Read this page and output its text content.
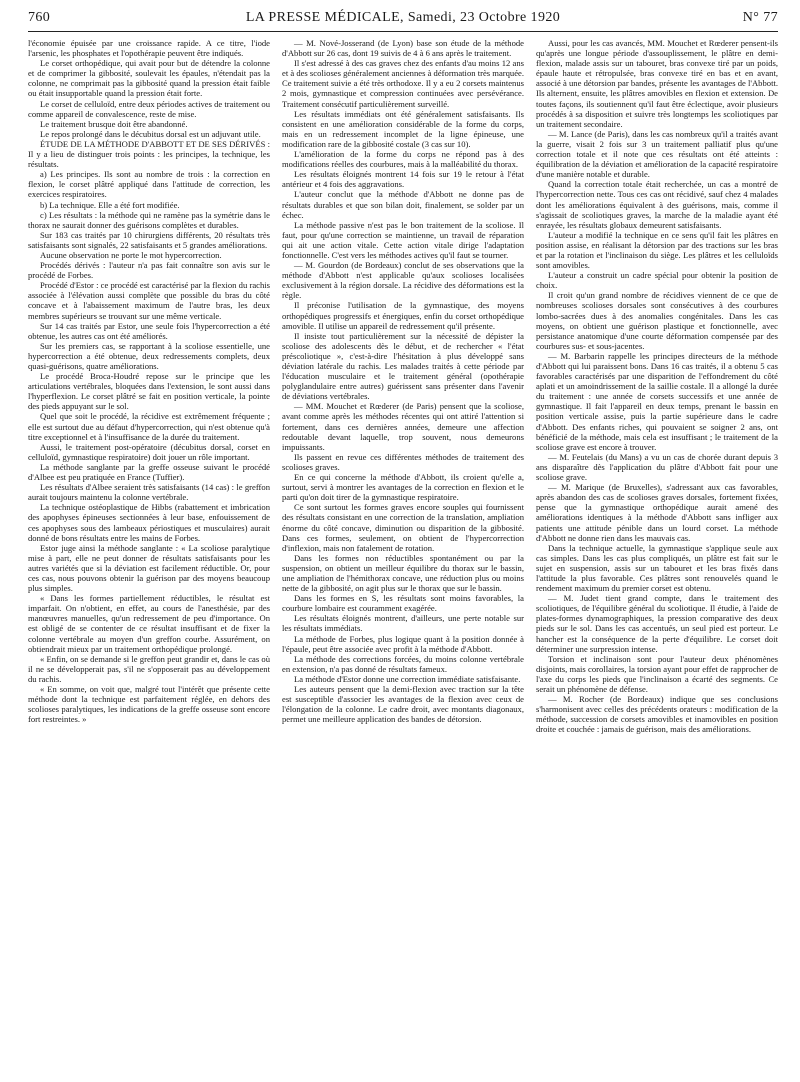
760	LA PRESSE MÉDICALE, Samedi, 23 Octobre 1920	N° 77

l'économie épuisée par une croissance rapide. A ce titre, l'iode l'arsenic, les phosphates et l'opothérapie peuvent être indiqués.

Le corset orthopédique, qui avait pour but de détendre la colonne et de comprimer la gibbosité, soulevait les épaules, n'étendait pas la colonne, ne comprimait pas la gibbosité quand la pression était faible ou était insupportable quand la pression était forte.

Le corset de celluloïd, entre deux périodes actives de traitement ou comme appareil de convalescence, reste de mise.

Le traitement brusque doit être abandonné.

Le repos prolongé dans le décubitus dorsal est un adjuvant utile.

ÉTUDE DE LA MÉTHODE D'ABBOTT ET DE SES DÉRIVÉS : Il y a lieu de distinguer trois points : les principes, la technique, les résultats.

a) Les principes. Ils sont au nombre de trois : la correction en flexion, le corset plâtré appliqué dans l'attitude de correction, les exercices respiratoires.

b) La technique. Elle a été fort modifiée.

c) Les résultats : la méthode qui ne ramène pas la symétrie dans le thorax ne saurait donner des guérisons complètes et durables.

Sur 183 cas traités par 10 chirurgiens différents, 20 résultats très satisfaisants sont signalés, 22 satisfaisants et 5 grandes améliorations.

Aucune observation ne porte le mot hypercorrection.

Procédés dérivés : l'auteur n'a pas fait connaître son avis sur le procédé de Forbes.

Procédé d'Estor : ce procédé est caractérisé par la flexion du rachis associée à l'élévation aussi complète que possible du bras du côté concave et à l'abaissement maximum de l'autre bras, les deux membres supérieurs se trouvant sur une même verticale.

Sur 14 cas traités par Estor, une seule fois l'hypercorrection a été obtenue, les autres cas ont été améliorés.

Sur les premiers cas, se rapportant à la scoliose essentielle, une hypercorrection a été obtenue, deux redressements complets, deux quasi-guérisons, quatre améliorations.

Le procédé Broca-Houdré repose sur le principe que les articulations vertébrales, bloquées dans l'extension, le sont aussi dans l'hyperflexion. Le corset plâtré se fait en position verticale, la pointe des pieds appuyant sur le sol.

Quel que soit le procédé, la récidive est extrêmement fréquente ; elle est surtout due au défaut d'hypercorrection, qui n'est obtenue qu'à titre exceptionnel et à l'insuffisance de la durée du traitement.

Aussi, le traitement post-opératoire (décubitus dorsal, corset en celluloïd, gymnastique respiratoire) doit jouer un rôle important.

La méthode sanglante par la greffe osseuse suivant le procédé d'Albee est peu pratiquée en France (Tuffier).

Les résultats d'Albee seraient très satisfaisants (14 cas) : le greffon aurait toujours maintenu la colonne vertébrale.

La technique ostéoplastique de Hibbs (rabattement et imbrication des apophyses épineuses sectionnées à leur base, enfouissement de ces apophyses sous des lambeaux périostiques et musculaires) aurait donné de bons résultats entre les mains de Forbes.

Estor juge ainsi la méthode sanglante : « La scoliose paralytique mise à part, elle ne peut donner de résultats satisfaisants pour les autres variétés que si la déviation est facilement réductible. Or, pour ces cas, nous pouvons obtenir la guérison par des moyens beaucoup plus simples.

« Dans les formes partiellement réductibles, le résultat est imparfait. On n'obtient, en effet, au cours de l'anesthésie, par des manœuvres manuelles, qu'un redressement de peu d'importance. On est obligé de se contenter de ce résultat insuffisant et de fixer la colonne vertébrale au moyen d'un greffon courbe. Assurément, on obtiendrait mieux par un traitement orthopédique prolongé.

« Enfin, on se demande si le greffon peut grandir et, dans le cas où il ne se développerait pas, s'il ne s'opposerait pas au développement du rachis.

« En somme, on voit que, malgré tout l'intérêt que présente cette méthode dont la technique est parfaitement réglée, en dehors des scolioses paralytiques, les indications de la greffe osseuse sont encore fort restreintes. »

— M. Nové-Josserand (de Lyon) base son étude de la méthode d'Abbott sur 26 cas, dont 19 suivis de 4 à 6 ans après le traitement.

Il s'est adressé à des cas graves chez des enfants d'au moins 12 ans et à des scolioses généralement anciennes à déformation très marquée. Ce traitement suivie a été très orthodoxe. Il y a eu 2 corsets maintenus 2 mois, gymnastique et compression continuées avec persévérance. Traitement consécutif particulièrement surveillé.

Les résultats immédiats ont été généralement satisfaisants. Ils consistent en une amélioration considérable de la forme du corps, mais en un redressement incomplet de la ligne épineuse, une modification rare de la gibbosité costale (3 cas sur 10).

L'amélioration de la forme du corps ne répond pas à des modifications réelles des courbures, mais à la malléabilité du thorax.

Les résultats éloignés montrent 14 fois sur 19 le retour à l'état antérieur et 4 fois des aggravations.

L'auteur conclut que la méthode d'Abbott ne donne pas de résultats durables et que son bilan doit, finalement, se solder par un échec.

La méthode passive n'est pas le bon traitement de la scoliose. Il faut, pour qu'une correction se maintienne, un travail de réparation qui ait une action vitale. Cette action vitale dirige l'adaptation fonctionnelle. C'est vers les méthodes actives qu'il faut se tourner.

— M. Gourdon (de Bordeaux) conclut de ses observations que la méthode d'Abbott n'est applicable qu'aux scolioses localisées exclusivement à la région dorsale. La récidive des déformations est la règle.

Il préconise l'utilisation de la gymnastique, des moyens orthopédiques progressifs et énergiques, enfin du corset orthopédique amovible. Il utilise un appareil de redressement qu'il présente.

Il insiste tout particulièrement sur la nécessité de dépister la scoliose des adolescents dès le début, et de rechercher « l'état préscoliotique », c'est-à-dire l'hésitation à plus développé sans déviation latérale du rachis. Les malades traités à cette période par l'éducation musculaire et le traitement général (opothérapie polyglandulaire entre autres) guérissent sans présenter dans l'avenir de déviations vertébrales.

— MM. Mouchet et Rœderer (de Paris) pensent que la scoliose, avant comme après les méthodes récentes qui ont attiré l'attention si fortement, dans ces dernières années, demeure une affection redoutable devant laquelle, trop souvent, nous demeurons impuissants.

Ils passent en revue ces différentes méthodes de traitement des scolioses graves.

En ce qui concerne la méthode d'Abbott, ils croient qu'elle a, surtout, servi à montrer les avantages de la correction en flexion et le parti qu'on doit tirer de la gymnastique respiratoire.

Ce sont surtout les formes graves encore souples qui fournissent des résultats consistant en une correction de la translation, ampliation énorme du côté concave, diminution ou disparition de la gibbosité. Dans ces formes, seulement, on obtient de l'hypercorrection d'inflexion, mais non fatalement de rotation.

Dans les formes non réductibles spontanément ou par la suspension, on obtient un meilleur équilibre du thorax sur le bassin, une ampliation de l'hémithorax concave, une réduction plus ou moins nette de la gibbosité, on agit plus sur le thorax que sur le bassin.

Dans les formes en S, les résultats sont moins favorables, la courbure lombaire est couramment exagérée.

Les résultats éloignés montrent, d'ailleurs, une perte notable sur les résultats immédiats.

La méthode de Forbes, plus logique quant à la position donnée à l'épaule, peut être associée avec profit à la méthode d'Abbott.

La méthode des corrections forcées, du moins colonne vertébrale en extension, n'a pas donné de résultats fameux.

La méthode d'Estor donne une correction immédiate satisfaisante.

Les auteurs pensent que la demi-flexion avec traction sur la tête est susceptible d'associer les avantages de la flexion avec ceux de l'élongation de la colonne. Le cadre droit, avec montants diagonaux, permet une meilleure application des bandes de détorsion.

Aussi, pour les cas avancés, MM. Mouchet et Rœderer pensent-ils qu'après une longue période d'assouplissement, le plâtre en demi-flexion, malade assis sur un tabouret, bras convexe tiré par un poids, épaule haute et rétropulsée, bras convexe tiré en bas et en avant, associé à une détorsion par bandes, présente les avantages de l'Abbott. Ils alternent, ensuite, les plâtres amovibles en flexion et extension. De toutes façons, ils soutiennent qu'il faut être éclectique, avoir plusieurs procédés à sa disposition et suivre très longtemps les scoliotiques par un traitement secondaire.

— M. Lance (de Paris), dans les cas nombreux qu'il a traités avant la guerre, visait 2 fois sur 3 un traitement palliatif plus qu'une correction totale et il note que ces résultats ont été atteints : équilibration de la déviation et amélioration de la capacité respiratoire d'une manière notable et durable.

Quand la correction totale était recherchée, un cas a montré de l'hypercorrection nette. Tous ces cas ont récidivé, sauf chez 4 malades dont les améliorations équivalent à des guérisons, mais, comme il s'agissait de scoliotiques graves, la marche de la maladie ayant été enrayée, les résultats globaux demeurent satisfaisants.

L'auteur a modifié la technique en ce sens qu'il fait les plâtres en position assise, en réalisant la détorsion par des tractions sur les bras et par la rotation et l'inclinaison du siège. Les plâtres et les celluloïds sont amovibles.

L'auteur a construit un cadre spécial pour obtenir la position de choix.

Il croit qu'un grand nombre de récidives viennent de ce que de nombreuses scolioses dorsales sont consécutives à des courbures lombo-sacrées dues à des anomalies congénitales. Dans les cas moyens, on obtient une guérison plastique et fonctionnelle, avec persistance anatomique d'une courte déformation compensée par des courbures sus- et sous-jacentes.

— M. Barbarin rappelle les principes directeurs de la méthode d'Abbott qui lui paraissent bons. Dans 16 cas traités, il a obtenu 5 cas favorables caractérisés par une disparition de l'effondrement du côté aplati et un amoindrissement de la saillie costale. Il a allongé la durée du traitement : une année de corsets successifs et une année de gymnastique. Il fait l'appareil en deux temps, prenant le bassin en position verticale assise, puis la partie supérieure dans le cadre d'Abbott. Des enfants riches, qui pouvaient se soigner 2 ans, ont bénéficié de la méthode, mais cela est insuffisant ; le traitement de la scoliose grave est encore à trouver.

— M. Feutelais (du Mans) a vu un cas de chorée durant depuis 3 ans disparaître dès l'application du plâtre d'Abbott fait pour une scoliose grave.

— M. Marique (de Bruxelles), s'adressant aux cas favorables, après abandon des cas de scolioses graves dorsales, fortement fixées, pense que la gymnastique orthopédique aurait amené des améliorations identiques à la méthode d'Abbott sans infliger aux patients une attitude pénible dans un lourd corset. La méthode d'Abbott ne donne rien dans les mauvais cas.

Dans la technique actuelle, la gymnastique s'applique seule aux cas simples. Dans les cas plus compliqués, un plâtre est fait sur le sujet en suspension, assis sur un tabouret et les bras fixés dans l'attitude la plus favorable. Ces plâtres sont renouvelés quand le rendement maximum du premier corset est obtenu.

— M. Judet tient grand compte, dans le traitement des scoliotiques, de l'équilibre général du scoliotique. Il étudie, à l'aide de plates-formes dynamographiques, la pression comparative des deux pieds sur le sol. Dans les cas accentués, un seul pied est porteur. Le hancher est la conséquence de la perte d'équilibre. Le corset doit déterminer une surpression intense.

Torsion et inclinaison sont pour l'auteur deux phénomènes disjoints, mais corollaires, la torsion ayant pour effet de rapprocher de l'axe du corps les pieds que l'inclinaison a écarté des segments. Ce serait un phénomène de défense.

— M. Rocher (de Bordeaux) indique que ses conclusions s'harmonisent avec celles des précédents orateurs : modification de la méthode, succession de corsets amovibles et inamovibles en position droite et couchée : jamais de guérison, mais des améliorations.
